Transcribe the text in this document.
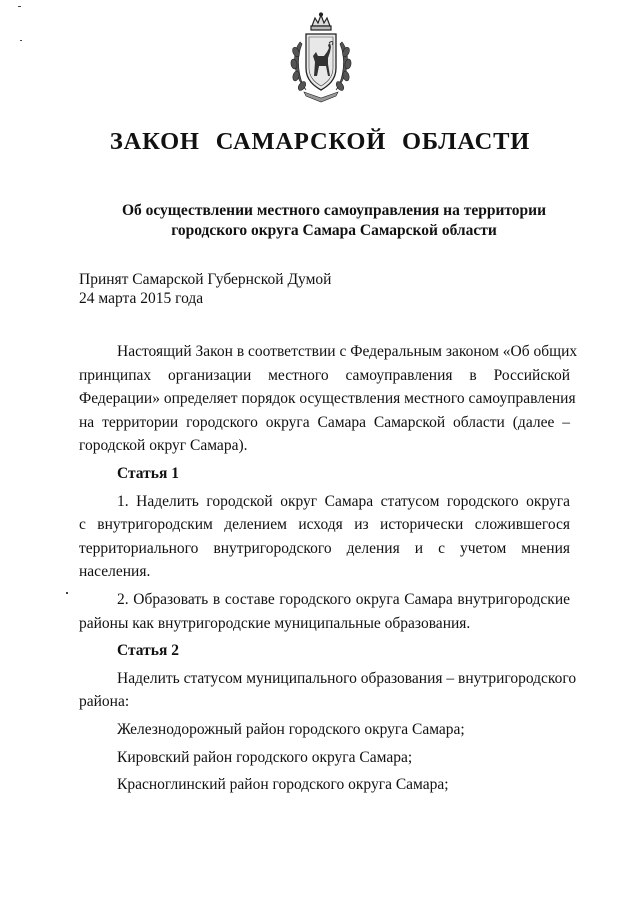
ЗАКОН САМАРСКОЙ ОБЛАСТИ
Об осуществлении местного самоуправления на территории
городского округа Самара Самарской области
Принят Самарской Губернской Думой
24 марта 2015 года

Настоящий Закон в соответствии с Федеральным законом «Об общих
принципах организации местного самоуправления в Российской
Федерации» определяет порядок осуществления местного самоуправления
на территории городского округа Самара Самарской области (далее –
городской округ Самара).

Статья 1

1. Наделить городской округ Самара статусом городского округа
с внутригородским делением исходя из исторически сложившегося
территориального внутригородского деления и с учетом мнения
населения.

2. Образовать в составе городского округа Самара внутригородские
районы как внутригородские муниципальные образования.

Статья 2

Наделить статусом муниципального образования – внутригородского
района:

Железнодорожный район городского округа Самара;

Кировский район городского округа Самара;

Красноглинский район городского округа Самара;
